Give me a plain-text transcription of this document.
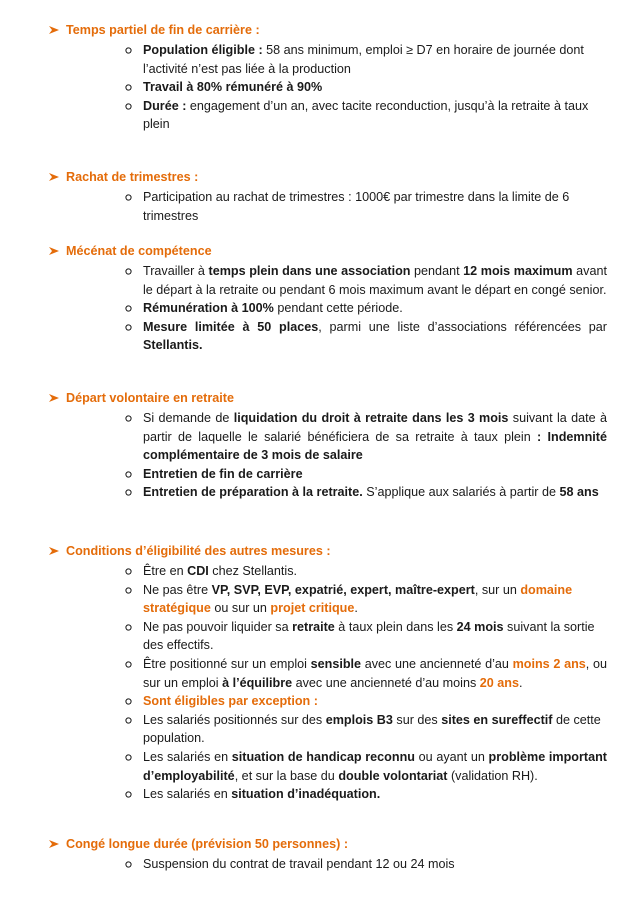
Temps partiel de fin de carrière :

Population éligible : 58 ans minimum, emploi ≥ D7 en horaire de journée dont l’activité n’est pas liée à la production

Travail à 80% rémunéré à 90%

Durée : engagement d’un an, avec tacite reconduction, jusqu’à la retraite à taux plein

Rachat de trimestres :

Participation au rachat de trimestres : 1000€ par trimestre dans la limite de 6 trimestres

Mécénat de compétence

Travailler à temps plein dans une association pendant 12 mois maximum avant le départ à la retraite ou pendant 6 mois maximum avant le départ en congé senior.

Rémunération à 100% pendant cette période.

Mesure limitée à 50 places, parmi une liste d’associations référencées par Stellantis.

Départ volontaire en retraite

Si demande de liquidation du droit à retraite dans les 3 mois suivant la date à partir de laquelle le salarié bénéficiera de sa retraite à taux plein : Indemnité complémentaire de 3 mois de salaire

Entretien de fin de carrière

Entretien de préparation à la retraite. S’applique aux salariés à partir de 58 ans

Conditions d’éligibilité des autres mesures :

Être en CDI chez Stellantis.

Ne pas être VP, SVP, EVP, expatrié, expert, maître-expert, sur un domaine stratégique ou sur un projet critique.

Ne pas pouvoir liquider sa retraite à taux plein dans les 24 mois suivant la sortie des effectifs.

Être positionné sur un emploi sensible avec une ancienneté d’au moins 2 ans, ou sur un emploi à l’équilibre avec une ancienneté d’au moins 20 ans.

Sont éligibles par exception :

Les salariés positionnés sur des emplois B3 sur des sites en sureffectif de cette population.

Les salariés en situation de handicap reconnu ou ayant un problème important d’employabilité, et sur la base du double volontariat (validation RH).

Les salariés en situation d’inadéquation.

Congé longue durée (prévision 50 personnes) :

Suspension du contrat de travail pendant 12 ou 24 mois
